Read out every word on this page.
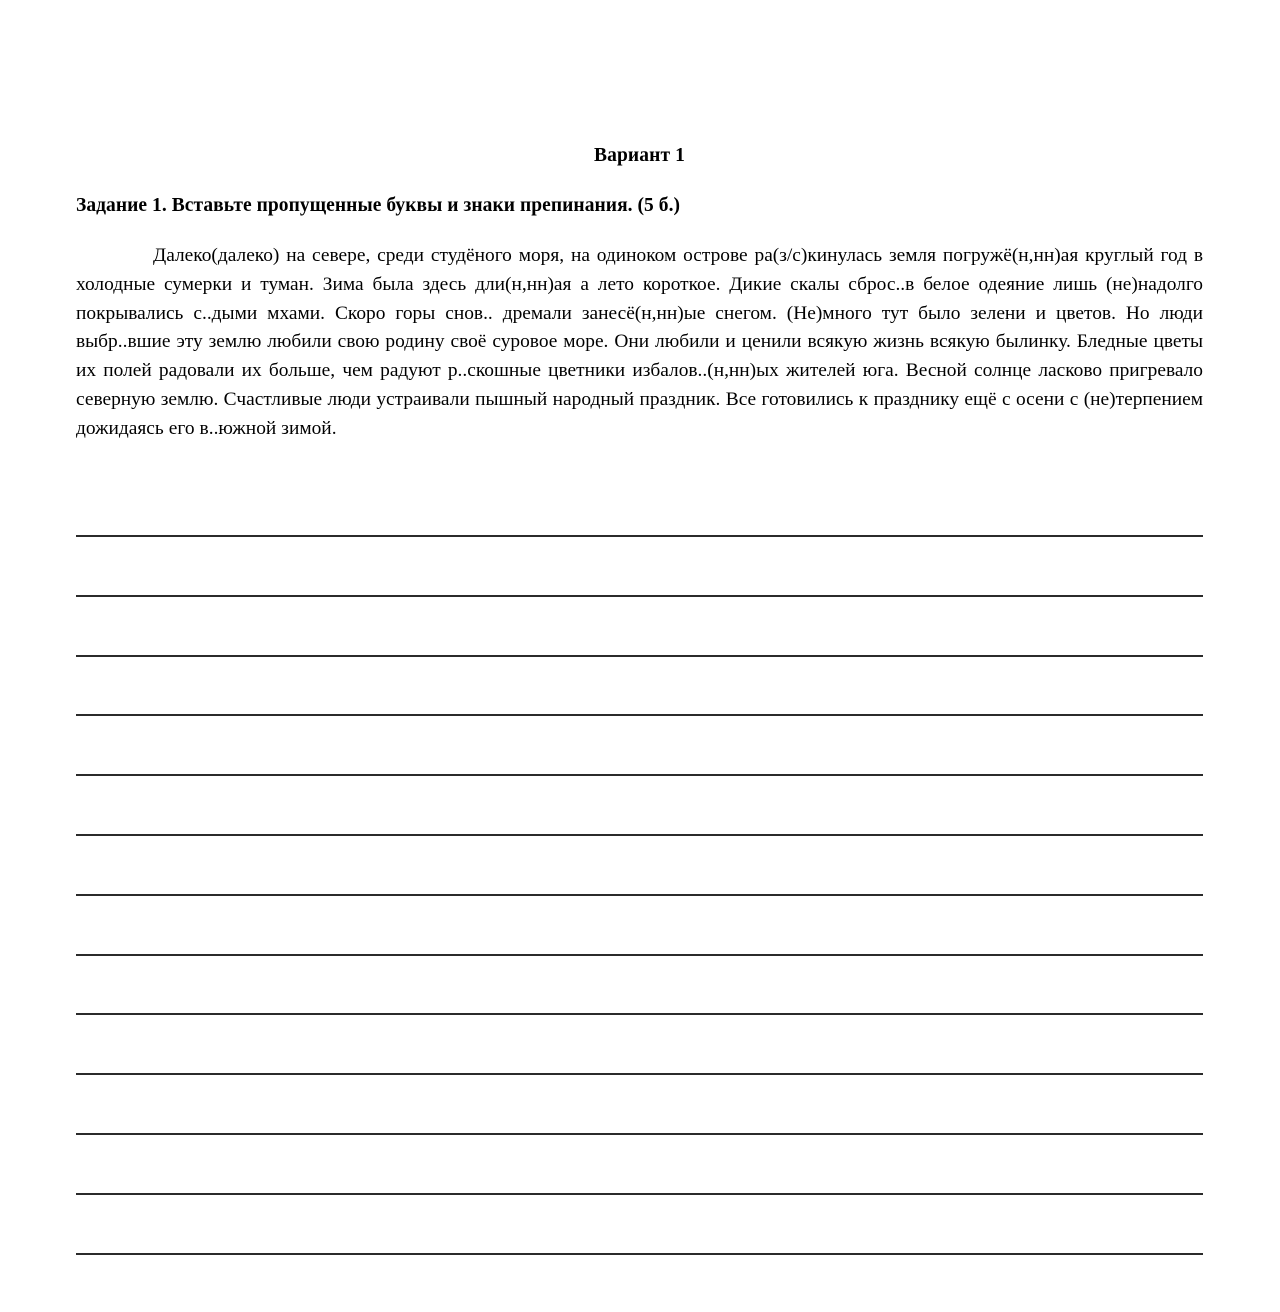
Вариант 1
Задание 1. Вставьте пропущенные буквы и знаки препинания. (5 б.)

Далеко(далеко) на севере, среди студёного моря, на одиноком острове ра(з/с)кинулась земля погружё(н,нн)ая круглый год в холодные сумерки и туман. Зима была здесь дли(н,нн)ая а лето короткое. Дикие скалы сброс..в белое одеяние лишь (не)надолго покрывались с..дыми мхами. Скоро горы снов.. дремали занесё(н,нн)ые снегом. (Не)много тут было зелени и цветов. Но люди выбр..вшие эту землю любили свою родину своё суровое море. Они любили и ценили всякую жизнь всякую былинку. Бледные цветы их полей радовали их больше, чем радуют р..скошные цветники избалов..(н,нн)ых жителей юга. Весной солнце ласково пригревало северную землю. Счастливые люди устраивали пышный народный праздник. Все готовились к празднику ещё с осени с (не)терпением дожидаясь его в..южной зимой.
